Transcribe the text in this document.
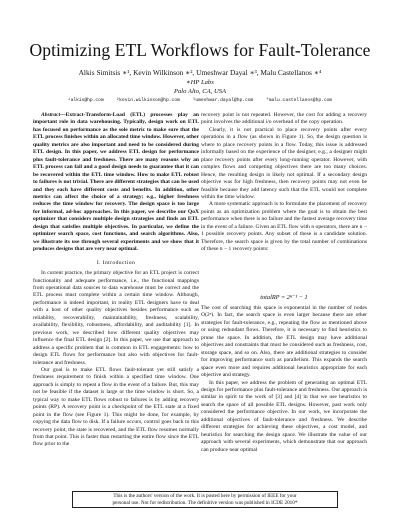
Optimizing ETL Workflows for Fault-Tolerance
Alkis Simitsis ∗¹, Kevin Wilkinson ∗², Umeshwar Dayal ∗³, Malu Castellanos ∗⁴
∗HP Labs
Palo Alto, CA, USA
¹alkis@hp.com	²kevin.wilkinson@hp.com	³umeshwar.dayal@hp.com	⁴malu.castellanos@hp.com

Abstract—Extract-Transform-Load (ETL) processes play an important role in data warehousing. Typically, design work on ETL has focused on performance as the sole metric to make sure that the ETL process finishes within an allocated time window. However, other quality metrics are also important and need to be considered during ETL design. In this paper, we address ETL design for performance plus fault-tolerance and freshness. There are many reasons why an ETL process can fail and a good design needs to guarantee that it can be recovered within the ETL time window. How to make ETL robust to failures is not trivial. There are different strategies that can be used and they each have different costs and benefits. In addition, other metrics can affect the choice of a strategy; e.g., higher freshness reduces the time window for recovery. The design space is too large for informal, ad-hoc approaches. In this paper, we describe our QoX optimizer that considers multiple design strategies and finds an ETL design that satisfies multiple objectives. In particular, we define the optimizer search space, cost functions, and search algorithms. Also, we illustrate its use through several experiments and we show that it produces designs that are very near optimal.

I. Introduction

In current practice, the primary objective for an ETL project is correct functionality and adequate performance, i.e., the functional mappings from operational data sources to data warehouse must be correct and the ETL process must complete within a certain time window. Although, performance is indeed important, in reality ETL designers have to deal with a host of other quality objectives besides performance such as reliability, recoverability, maintainability, freshness, scalability, availability, flexibility, robustness, affordability, and auditability [1]. In previous work, we described how different quality objectives may influence the final ETL design [2]. In this paper, we use that approach to address a specific problem that is common in ETL engagements: how to design ETL flows for performance but also with objectives for fault-tolerance and freshness.

Our goal is to make ETL flows fault-tolerant yet still satisfy a freshness requirement to finish within a specified time window. One approach is simply to repeat a flow in the event of a failure. But, this may not be feasible if the dataset is large or the time window is short. So, a typical way to make ETL flows robust to failures is by adding recovery points (RP). A recovery point is a checkpoint of the ETL state at a fixed point in the flow (see Figure 1). This might be done, for example, by copying the data flow to disk. If a failure occurs, control goes back to this recovery point, the state is recovered, and the ETL flow resumes normally from that point. This is faster than restarting the entire flow since the ETL flow prior to the

recovery point is not repeated. However, the cost for adding a recovery point involves the additional i/o overhead of the copy operation.

Clearly, it is not practical to place recovery points after every operations in a flow (as shown in Figure 1). So, the design question is where to place recovery points in a flow. Today, this issue is addressed informally based on the experience of the designer, e.g., a designer might place recovery points after every long-running operator. However, with complex flows and competing objectives there are too many choices. Hence, the resulting design is likely not optimal. If a secondary design objective was for high freshness, then recovery points may not even be feasible because they add latency such that the ETL would not complete within the time window.

A more systematic approach is to formulate the placement of recovery points as an optimization problem where the goal is to obtain the best performance when there is no failure and the fastest average recovery time in the event of a failure. Given an ETL flow with n operators, there are n − 1 possible recovery points. Any subset of these is a candidate solution. Therefore, the search space is given by the total number of combinations of these n − 1 recovery points:

totalRP = 2ⁿ⁻¹ − 1

The cost of searching this space is exponential in the number of nodes O(2ⁿ). In fact, the search space is even larger because there are other strategies for fault-tolerance, e.g., repeating the flow as mentioned above or using redundant flows. Therefore, it is necessary to find heuristics to prune the space. In addition, the ETL design may have additional objectives and constraints that must be considered such as freshness, cost, storage space, and so on. Also, there are additional strategies to consider for improving performance such as parallelism. This expands the search space even more and requires additional heuristics appropriate for each objective and strategy.

In this paper, we address the problem of generating an optimal ETL design for performance plus fault-tolerance and freshness. Our approach is similar in spirit to the work of [3] and [4] in that we use heuristics to search the space of all possible ETL designs. However, past work only considered the performance objective. In our work, we incorporate the additional objectives of fault-tolerance and freshness. We describe different strategies for achieving these objectives, a cost model, and heuristics for searching the design space. We illustrate the value of our approach with several experiments, which demonstrate that our approach can produce near optimal

This is the authors' version of the work. It is posted here by permission of IEEE for your
personal use. Not for redistribution. The definitive version was published in ICDE 2010*
